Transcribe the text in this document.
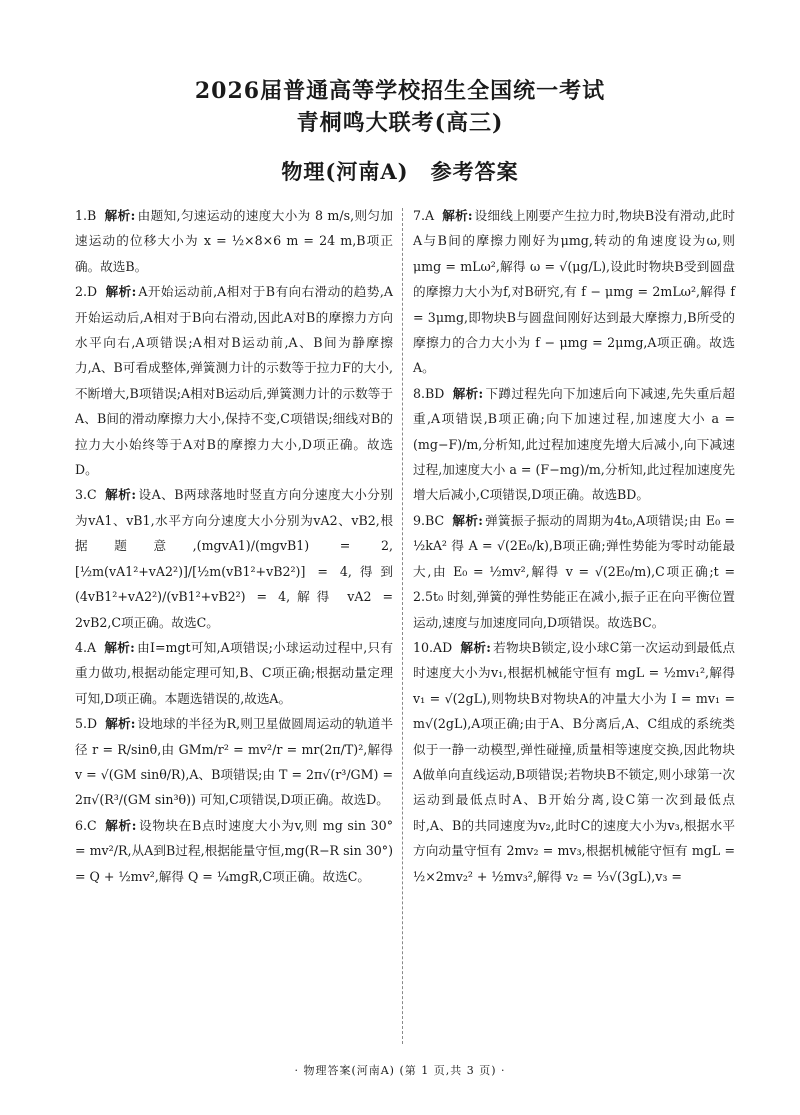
2026届普通高等学校招生全国统一考试
青桐鸣大联考(高三)
物理(河南A) 参考答案

1.B 解析: 由题知,匀速运动的速度大小为 8 m/s,则匀加速运动的位移大小为 x = ½×8×6 m = 24 m,B项正确。故选B。

2.D 解析: A开始运动前,A相对于B有向右滑动的趋势,A开始运动后,A相对于B向右滑动,因此A对B的摩擦力方向水平向右,A项错误;A相对B运动前,A、B间为静摩擦力,A、B可看成整体,弹簧测力计的示数等于拉力F的大小,不断增大,B项错误;A相对B运动后,弹簧测力计的示数等于A、B间的滑动摩擦力大小,保持不变,C项错误;细线对B的拉力大小始终等于A对B的摩擦力大小,D项正确。故选D。

3.C 解析: 设A、B两球落地时竖直方向分速度大小分别为vA1、vB1,水平方向分速度大小分别为vA2、vB2,根据题意,(mgvA1)/(mgvB1) = 2,[½m(vA1²+vA2²)]/[½m(vB1²+vB2²)] = 4,得到(4vB1²+vA2²)/(vB1²+vB2²) = 4,解得 vA2 = 2vB2,C项正确。故选C。

4.A 解析: 由I=mgt可知,A项错误;小球运动过程中,只有重力做功,根据动能定理可知,B、C项正确;根据动量定理可知,D项正确。本题选错误的,故选A。

5.D 解析: 设地球的半径为R,则卫星做圆周运动的轨道半径 r = R/sinθ,由 GMm/r² = mv²/r = mr(2π/T)²,解得 v = √(GM sinθ/R),A、B项错误;由 T = 2π√(r³/GM) = 2π√(R³/(GM sin³θ)) 可知,C项错误,D项正确。故选D。

6.C 解析: 设物块在B点时速度大小为v,则 mg sin 30° = mv²/R,从A到B过程,根据能量守恒,mg(R−R sin 30°) = Q + ½mv²,解得 Q = ¼mgR,C项正确。故选C。

7.A 解析: 设细线上刚要产生拉力时,物块B没有滑动,此时A与B间的摩擦力刚好为μmg,转动的角速度设为ω,则 μmg = mLω²,解得 ω = √(μg/L),设此时物块B受到圆盘的摩擦力大小为f,对B研究,有 f − μmg = 2mLω²,解得 f = 3μmg,即物块B与圆盘间刚好达到最大摩擦力,B所受的摩擦力的合力大小为 f − μmg = 2μmg,A项正确。故选A。

8.BD 解析: 下蹲过程先向下加速后向下减速,先失重后超重,A项错误,B项正确;向下加速过程,加速度大小 a = (mg−F)/m,分析知,此过程加速度先增大后减小,向下减速过程,加速度大小 a = (F−mg)/m,分析知,此过程加速度先增大后减小,C项错误,D项正确。故选BD。

9.BC 解析: 弹簧振子振动的周期为4t₀,A项错误;由 E₀ = ½kA² 得 A = √(2E₀/k),B项正确;弹性势能为零时动能最大,由 E₀ = ½mv²,解得 v = √(2E₀/m),C项正确;t = 2.5t₀ 时刻,弹簧的弹性势能正在减小,振子正在向平衡位置运动,速度与加速度同向,D项错误。故选BC。

10.AD 解析: 若物块B锁定,设小球C第一次运动到最低点时速度大小为v₁,根据机械能守恒有 mgL = ½mv₁²,解得 v₁ = √(2gL),则物块B对物块A的冲量大小为 I = mv₁ = m√(2gL),A项正确;由于A、B分离后,A、C组成的系统类似于一静一动模型,弹性碰撞,质量相等速度交换,因此物块A做单向直线运动,B项错误;若物块B不锁定,则小球第一次运动到最低点时A、B开始分离,设C第一次到最低点时,A、B的共同速度为v₂,此时C的速度大小为v₃,根据水平方向动量守恒有 2mv₂ = mv₃,根据机械能守恒有 mgL = ½×2mv₂² + ½mv₃²,解得 v₂ = ⅓√(3gL),v₃ =

· 物理答案(河南A) (第 1 页,共 3 页) ·
